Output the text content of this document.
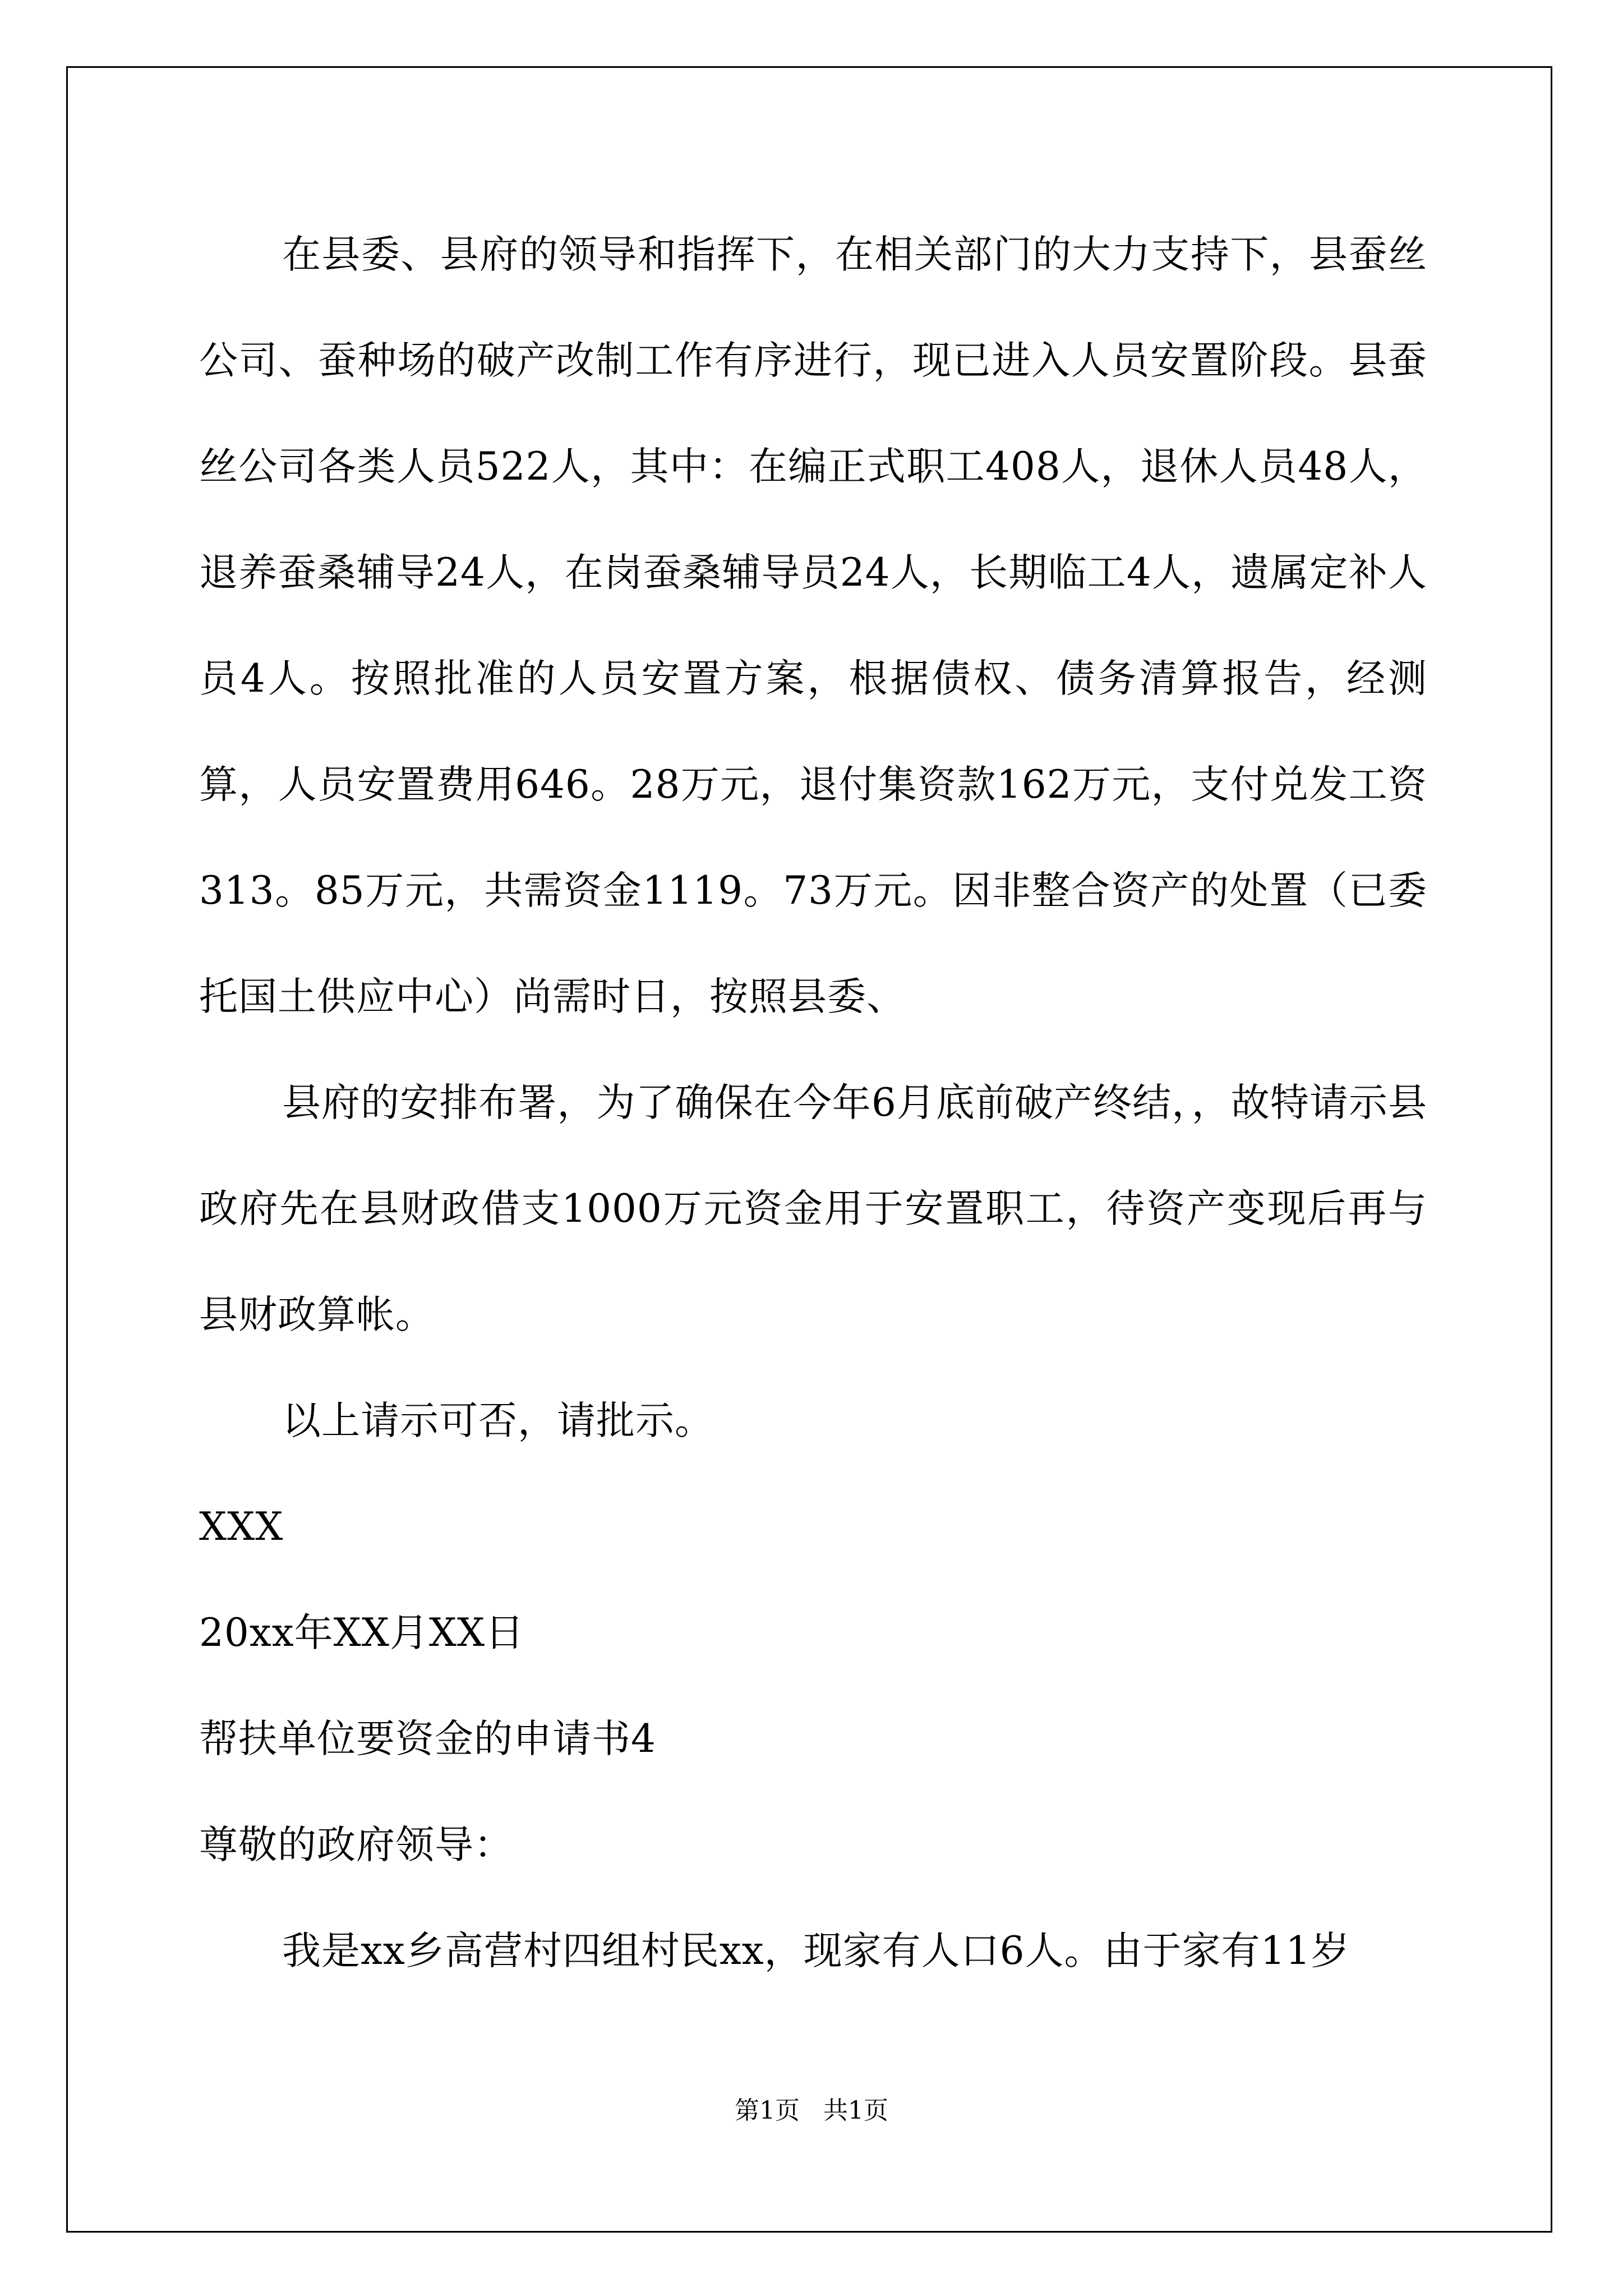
在县委、县府的领导和指挥下，在相关部门的大力支持下，县蚕丝公司、蚕种场的破产改制工作有序进行，现已进入人员安置阶段。县蚕丝公司各类人员522人，其中：在编正式职工408人，退休人员48人，退养蚕桑辅导24人，在岗蚕桑辅导员24人，长期临工4人，遗属定补人员4人。按照批准的人员安置方案，根据债权、债务清算报告，经测算，人员安置费用646。28万元，退付集资款162万元，支付兑发工资313。85万元，共需资金1119。73万元。因非整合资产的处置（已委托国土供应中心）尚需时日，按照县委、

县府的安排布署，为了确保在今年6月底前破产终结，，故特请示县政府先在县财政借支1000万元资金用于安置职工，待资产变现后再与县财政算帐。

以上请示可否，请批示。

XXX

20xx年XX月XX日

帮扶单位要资金的申请书4

尊敬的政府领导：

我是xx乡高营村四组村民xx，现家有人口6人。由于家有11岁

第1页 共1页
